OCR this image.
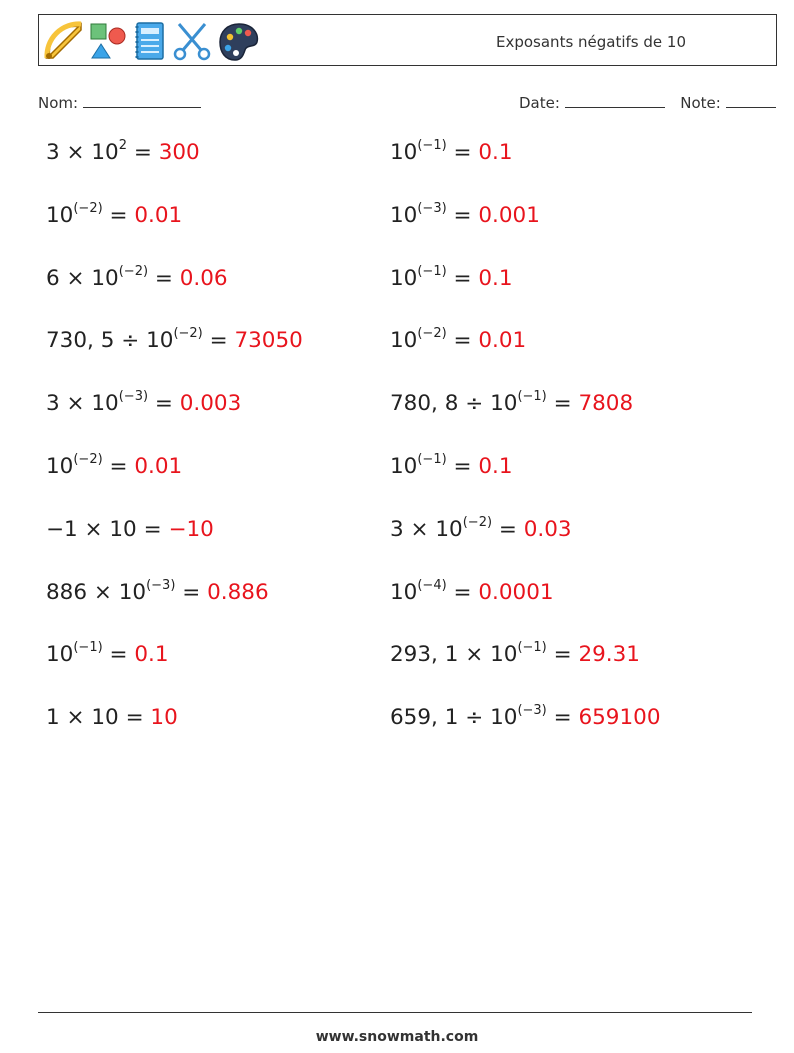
Exposants négatifs de 10
Nom:	Date:	Note:
$3 \times 10^2 = 300$	$10^{(-1)} = 0.1$
$10^{(-2)} = 0.01$	$10^{(-3)} = 0.001$
$6 \times 10^{(-2)} = 0.06$	$10^{(-1)} = 0.1$
730, $5 \div 10^{(-2)} = 73050$	$10^{(-2)} = 0.01$
$3 \times 10^{(-3)} = 0.003$	780, $8 \div 10^{(-1)} = 7808$
$10^{(-2)} = 0.01$	$10^{(-1)} = 0.1$
−1 × 10 = −10	$3 \times 10^{(-2)} = 0.03$
$886 \times 10^{(-3)} = 0.886$	$10^{(-4)} = 0.0001$
$10^{(-1)} = 0.1$	293, $1 \times 10^{(-1)} = 29.31$
1 × 10 = 10	659, $1 \div 10^{(-3)} = 659100$
www.snowmath.com
